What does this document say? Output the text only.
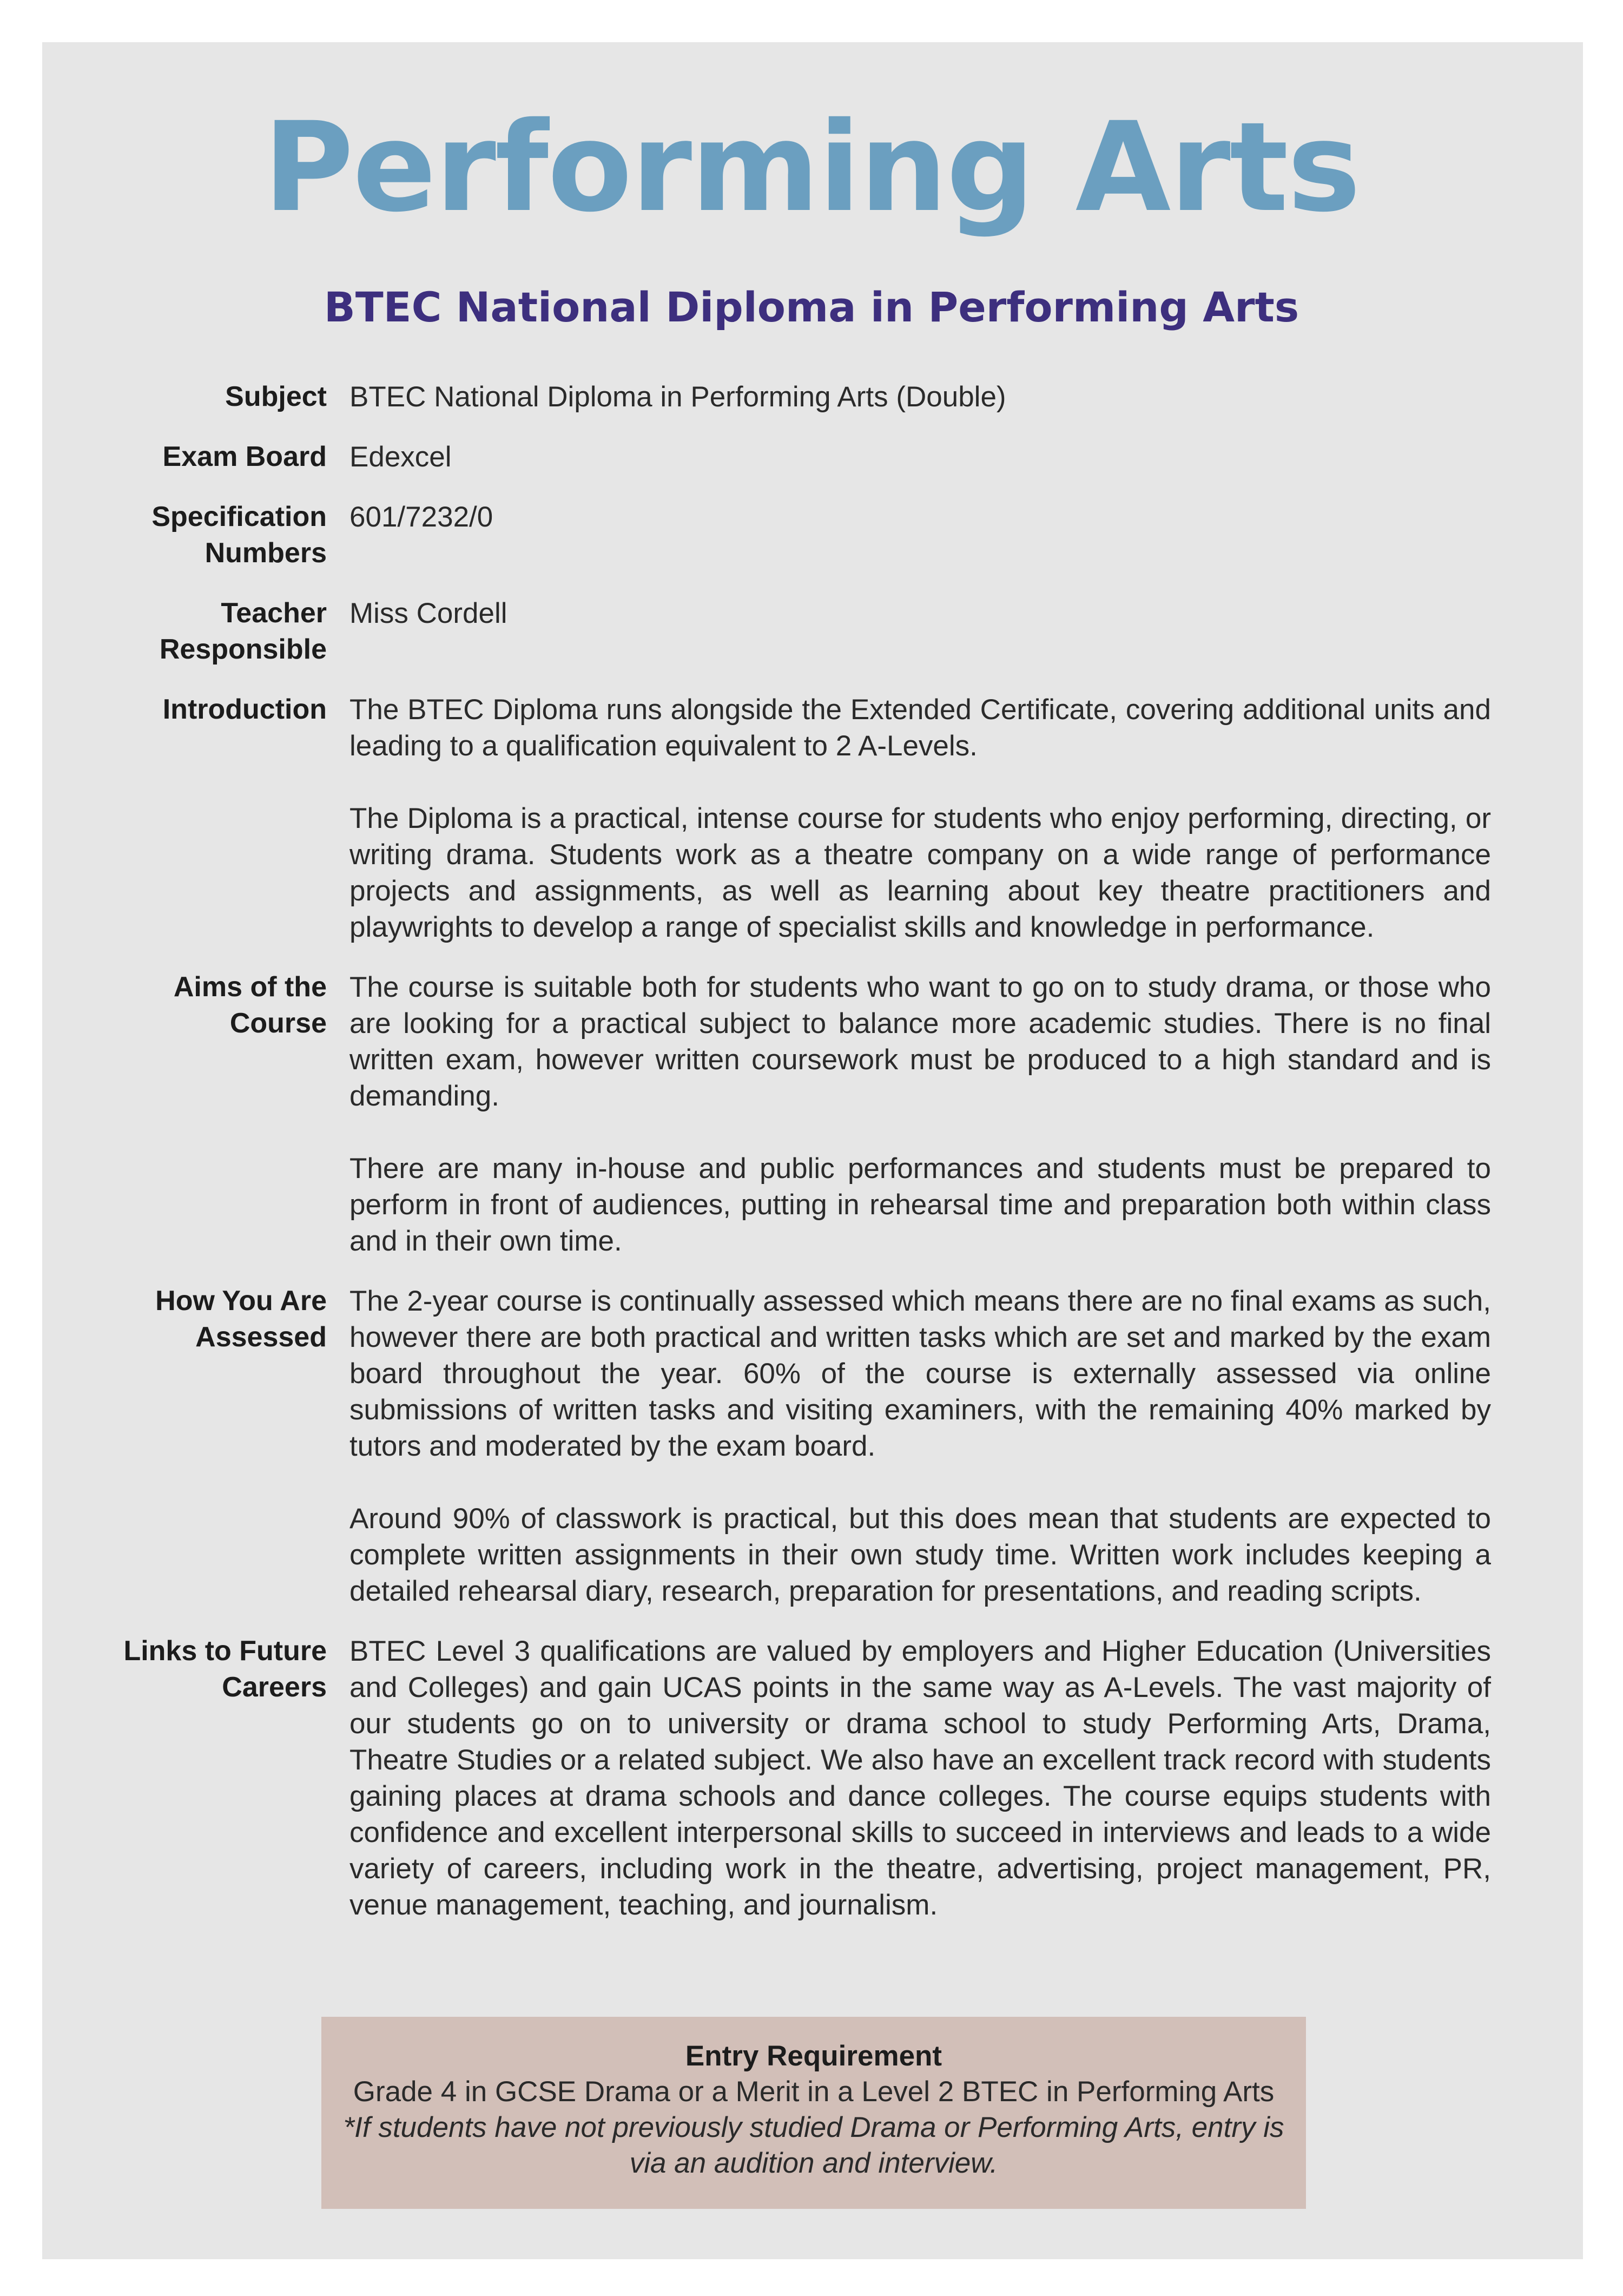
Performing Arts
BTEC National Diploma in Performing Arts
Subject BTEC National Diploma in Performing Arts (Double)
Exam Board Edexcel
Specification
Numbers
601/7232/0
Teacher
Responsible
Miss Cordell
Introduction The BTEC Diploma runs alongside the Extended Certificate, covering additional units and leading to a qualification equivalent to 2 A-Levels.

The Diploma is a practical, intense course for students who enjoy performing, directing, or writing drama. Students work as a theatre company on a wide range of performance projects and assignments, as well as learning about key theatre practitioners and playwrights to develop a range of specialist skills and knowledge in performance.

Aims of the
Course

The course is suitable both for students who want to go on to study drama, or those who are looking for a practical subject to balance more academic studies. There is no final written exam, however written coursework must be produced to a high standard and is demanding.

There are many in-house and public performances and students must be prepared to perform in front of audiences, putting in rehearsal time and preparation both within class and in their own time.

How You Are
Assessed

The 2-year course is continually assessed which means there are no final exams as such, however there are both practical and written tasks which are set and marked by the exam board throughout the year. 60% of the course is externally assessed via online submissions of written tasks and visiting examiners, with the remaining 40% marked by tutors and moderated by the exam board.

Around 90% of classwork is practical, but this does mean that students are expected to complete written assignments in their own study time. Written work includes keeping a detailed rehearsal diary, research, preparation for presentations, and reading scripts.

Links to Future
Careers

BTEC Level 3 qualifications are valued by employers and Higher Education (Universities and Colleges) and gain UCAS points in the same way as A-Levels. The vast majority of our students go on to university or drama school to study Performing Arts, Drama, Theatre Studies or a related subject. We also have an excellent track record with students gaining places at drama schools and dance colleges. The course equips students with confidence and excellent interpersonal skills to succeed in interviews and leads to a wide variety of careers, including work in the theatre, advertising, project management, PR, venue management, teaching, and journalism.

Entry Requirement
Grade 4 in GCSE Drama or a Merit in a Level 2 BTEC in Performing Arts
*If students have not previously studied Drama or Performing Arts, entry is via an audition and interview.
